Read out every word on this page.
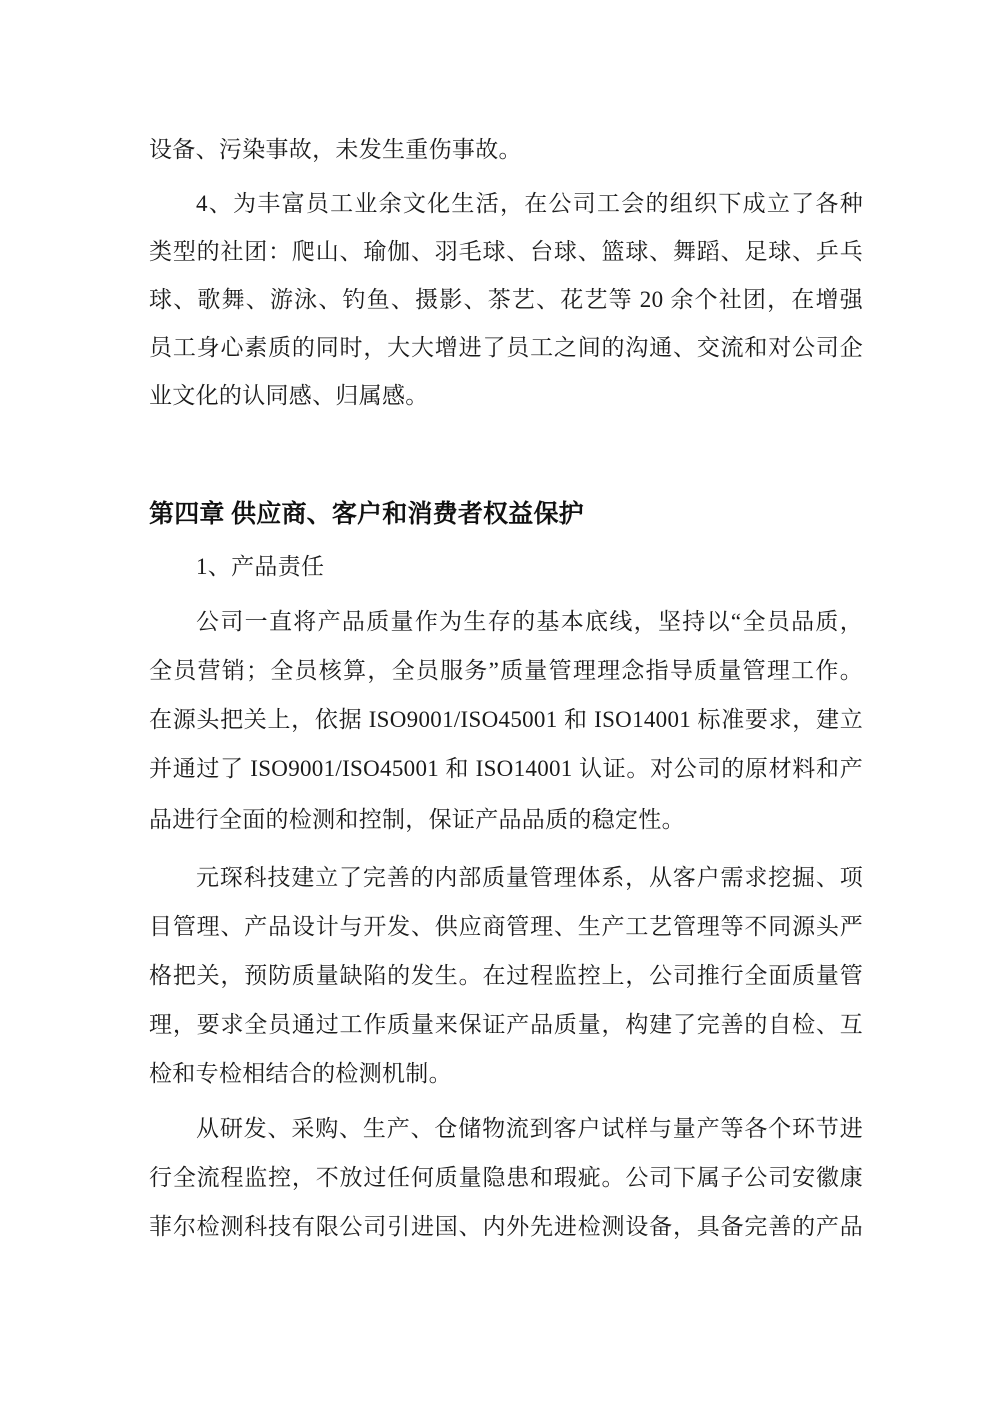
设备、污染事故，未发生重伤事故。
4、为丰富员工业余文化生活，在公司工会的组织下成立了各种
类型的社团：爬山、瑜伽、羽毛球、台球、篮球、舞蹈、足球、乒乓
球、歌舞、游泳、钓鱼、摄影、茶艺、花艺等 20 余个社团，在增强
员工身心素质的同时，大大增进了员工之间的沟通、交流和对公司企
业文化的认同感、归属感。
第四章 供应商、客户和消费者权益保护
1、产品责任
公司一直将产品质量作为生存的基本底线，坚持以“全员品质，
全员营销；全员核算，全员服务”质量管理理念指导质量管理工作。
在源头把关上，依据 ISO9001/ISO45001 和 ISO14001 标准要求，建立
并通过了 ISO9001/ISO45001 和 ISO14001 认证。对公司的原材料和产
品进行全面的检测和控制，保证产品品质的稳定性。
元琛科技建立了完善的内部质量管理体系，从客户需求挖掘、项
目管理、产品设计与开发、供应商管理、生产工艺管理等不同源头严
格把关，预防质量缺陷的发生。在过程监控上，公司推行全面质量管
理，要求全员通过工作质量来保证产品质量，构建了完善的自检、互
检和专检相结合的检测机制。
从研发、采购、生产、仓储物流到客户试样与量产等各个环节进
行全流程监控，不放过任何质量隐患和瑕疵。公司下属子公司安徽康
菲尔检测科技有限公司引进国、内外先进检测设备，具备完善的产品
